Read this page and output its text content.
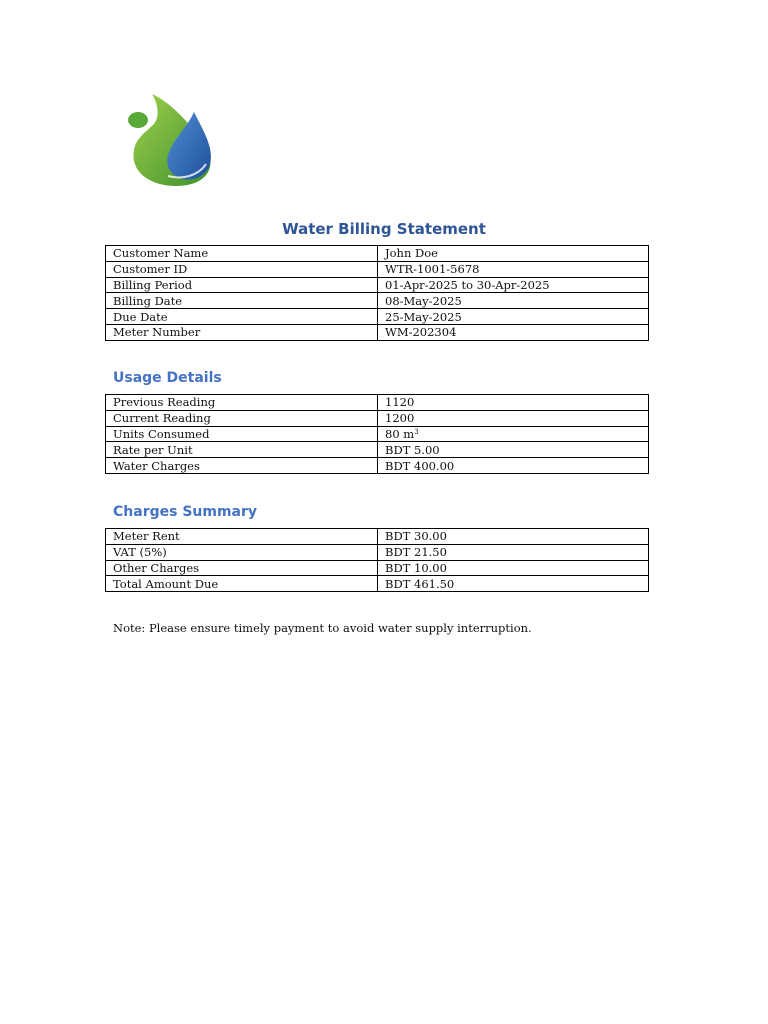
Water Billing Statement
Customer Name	John Doe
Customer ID	WTR-1001-5678
Billing Period	01-Apr-2025 to 30-Apr-2025
Billing Date	08-May-2025
Due Date	25-May-2025
Meter Number	WM-202304
Usage Details
Previous Reading	1120
Current Reading	1200
Units Consumed	80 $m^3$
Rate per Unit	BDT 5.00
Water Charges	BDT 400.00
Charges Summary
Meter Rent	BDT 30.00
VAT (5%)	BDT 21.50
Other Charges	BDT 10.00
Total Amount Due	BDT 461.50

Note: Please ensure timely payment to avoid water supply interruption.
